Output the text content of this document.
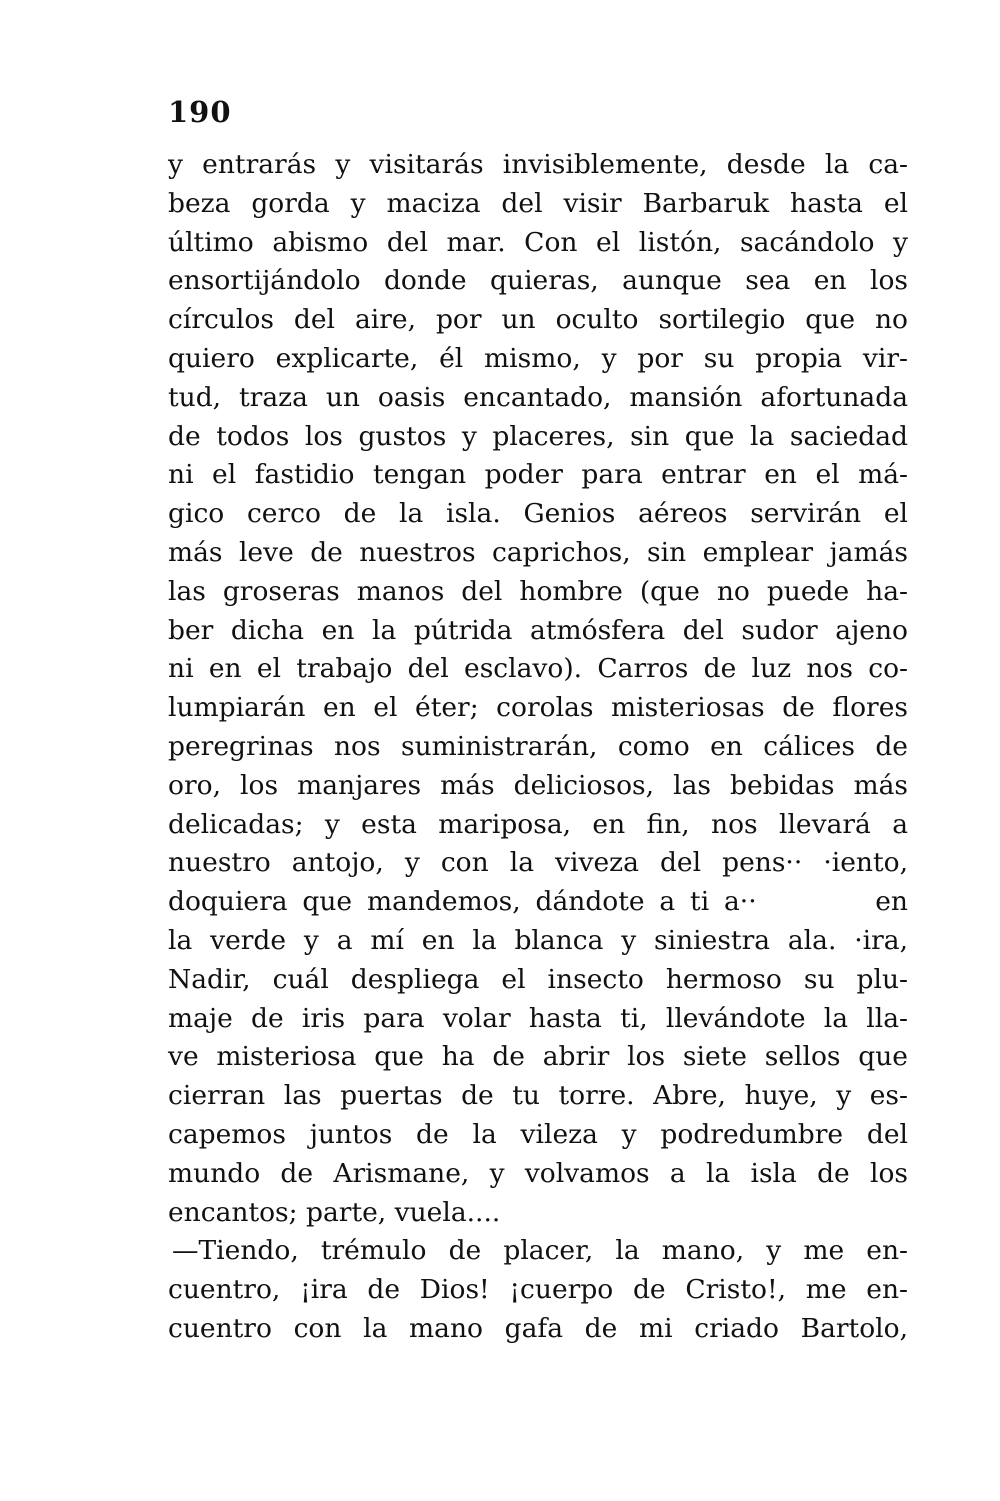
190

y entrarás y visitarás invisiblemente, desde la ca-
beza gorda y maciza del visir Barbaruk hasta el
último abismo del mar. Con el listón, sacándolo y
ensortijándolo donde quieras, aunque sea en los
círculos del aire, por un oculto sortilegio que no
quiero explicarte, él mismo, y por su propia vir-
tud, traza un oasis encantado, mansión afortunada
de todos los gustos y placeres, sin que la saciedad
ni el fastidio tengan poder para entrar en el má-
gico cerco de la isla. Genios aéreos servirán el
más leve de nuestros caprichos, sin emplear jamás
las groseras manos del hombre (que no puede ha-
ber dicha en la pútrida atmósfera del sudor ajeno
ni en el trabajo del esclavo). Carros de luz nos co-
lumpiarán en el éter; corolas misteriosas de flores
peregrinas nos suministrarán, como en cálices de
oro, los manjares más deliciosos, las bebidas más
delicadas; y esta mariposa, en fin, nos llevará a
nuestro antojo, y con la viveza del pens·· ·iento,
doquiera que mandemos, dándote a ti a··        en
la verde y a mí en la blanca y siniestra ala. ·ira,
Nadir, cuál despliega el insecto hermoso su plu-
maje de iris para volar hasta ti, llevándote la lla-
ve misteriosa que ha de abrir los siete sellos que
cierran las puertas de tu torre. Abre, huye, y es-
capemos juntos de la vileza y podredumbre del
mundo de Arismane, y volvamos a la isla de los
encantos; parte, vuela....
—Tiendo, trémulo de placer, la mano, y me en-
cuentro, ¡ira de Dios! ¡cuerpo de Cristo!, me en-
cuentro con la mano gafa de mi criado Bartolo,
